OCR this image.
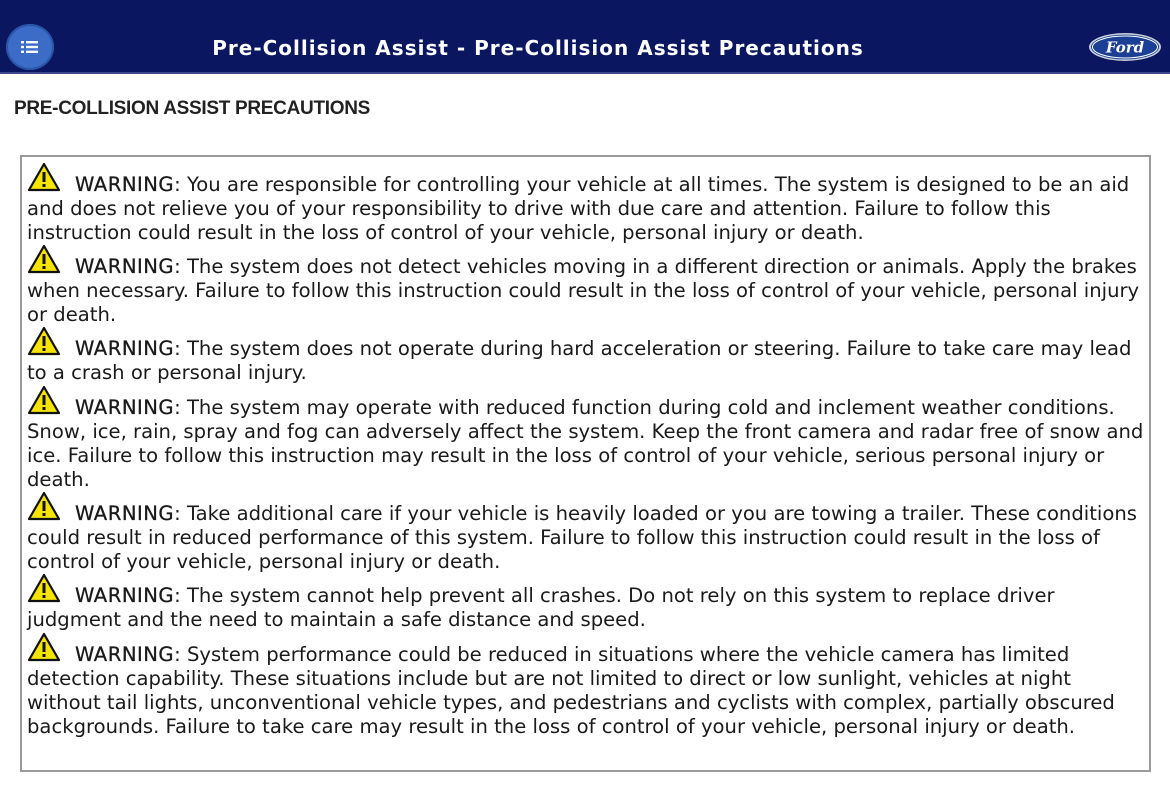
Pre-Collision Assist - Pre-Collision Assist Precautions	Ford
PRE-COLLISION ASSIST PRECAUTIONS

WARNING: You are responsible for controlling your vehicle at all times. The system is designed to be an aid and does not relieve you of your responsibility to drive with due care and attention. Failure to follow this instruction could result in the loss of control of your vehicle, personal injury or death.

WARNING: The system does not detect vehicles moving in a different direction or animals. Apply the brakes when necessary. Failure to follow this instruction could result in the loss of control of your vehicle, personal injury or death.

WARNING: The system does not operate during hard acceleration or steering. Failure to take care may lead to a crash or personal injury.

WARNING: The system may operate with reduced function during cold and inclement weather conditions. Snow, ice, rain, spray and fog can adversely affect the system. Keep the front camera and radar free of snow and ice. Failure to follow this instruction may result in the loss of control of your vehicle, serious personal injury or death.

WARNING: Take additional care if your vehicle is heavily loaded or you are towing a trailer. These conditions could result in reduced performance of this system. Failure to follow this instruction could result in the loss of control of your vehicle, personal injury or death.

WARNING: The system cannot help prevent all crashes. Do not rely on this system to replace driver judgment and the need to maintain a safe distance and speed.

WARNING: System performance could be reduced in situations where the vehicle camera has limited detection capability. These situations include but are not limited to direct or low sunlight, vehicles at night without tail lights, unconventional vehicle types, and pedestrians and cyclists with complex, partially obscured backgrounds. Failure to take care may result in the loss of control of your vehicle, personal injury or death.
